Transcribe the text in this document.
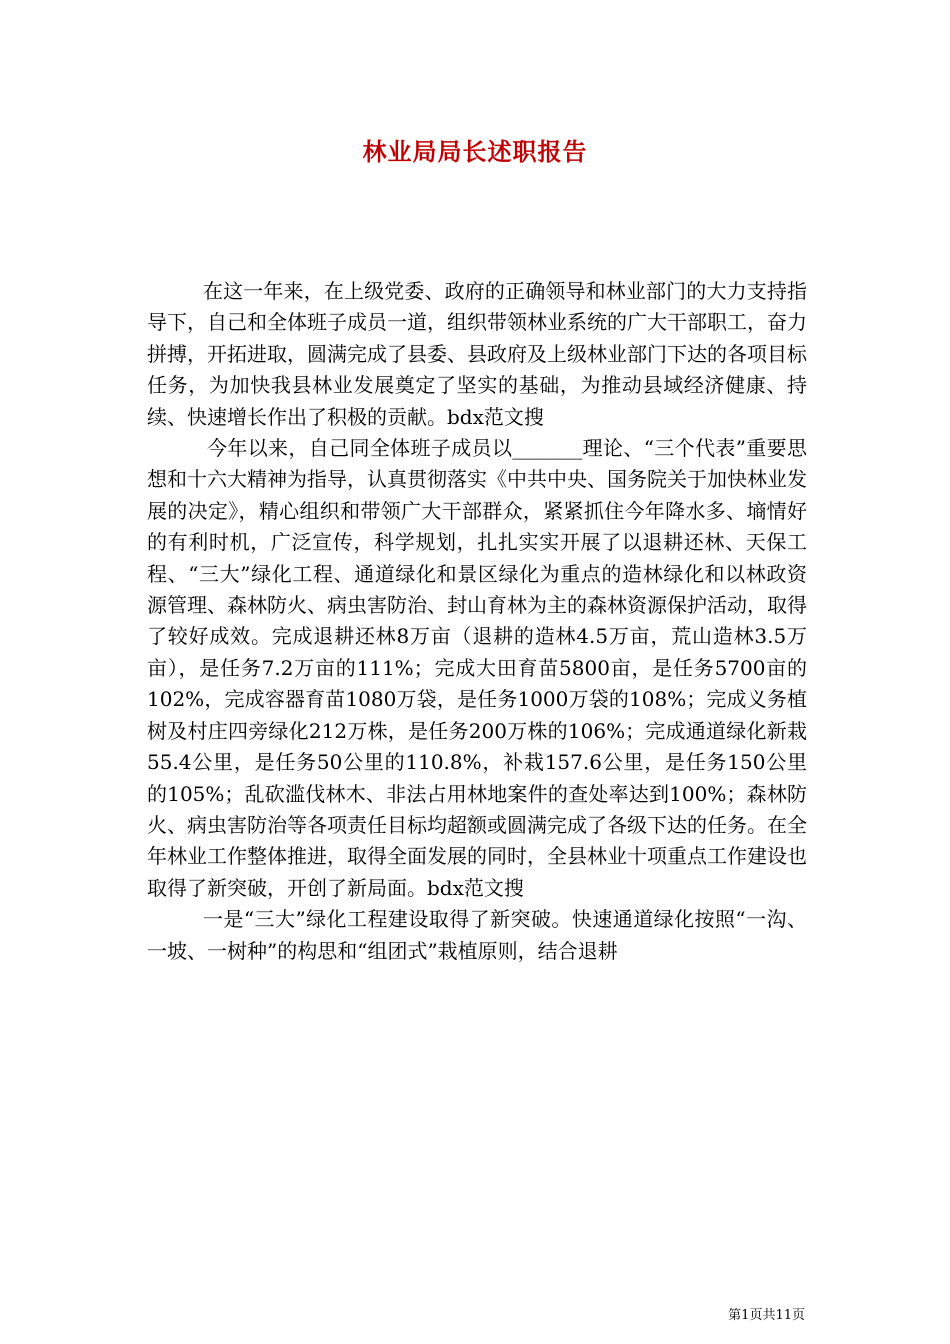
林业局局长述职报告

在这一年来，在上级党委、政府的正确领导和林业部门的大力支持指导下，自己和全体班子成员一道，组织带领林业系统的广大干部职工，奋力拼搏，开拓进取，圆满完成了县委、县政府及上级林业部门下达的各项目标任务，为加快我县林业发展奠定了坚实的基础，为推动县域经济健康、持续、快速增长作出了积极的贡献。bdx范文搜

今年以来，自己同全体班子成员以_______理论、“三个代表”重要思想和十六大精神为指导，认真贯彻落实《中共中央、国务院关于加快林业发展的决定》，精心组织和带领广大干部群众，紧紧抓住今年降水多、墒情好的有利时机，广泛宣传，科学规划，扎扎实实开展了以退耕还林、天保工程、“三大”绿化工程、通道绿化和景区绿化为重点的造林绿化和以林政资源管理、森林防火、病虫害防治、封山育林为主的森林资源保护活动，取得了较好成效。完成退耕还林8万亩（退耕的造林4.5万亩，荒山造林3.5万亩），是任务7.2万亩的111%；完成大田育苗5800亩，是任务5700亩的102%，完成容器育苗1080万袋，是任务1000万袋的108%；完成义务植树及村庄四旁绿化212万株，是任务200万株的106%；完成通道绿化新栽55.4公里，是任务50公里的110.8%，补栽157.6公里，是任务150公里的105%；乱砍滥伐林木、非法占用林地案件的查处率达到100%；森林防火、病虫害防治等各项责任目标均超额或圆满完成了各级下达的任务。在全年林业工作整体推进，取得全面发展的同时，全县林业十项重点工作建设也取得了新突破，开创了新局面。bdx范文搜

一是“三大”绿化工程建设取得了新突破。快速通道绿化按照“一沟、一坡、一树种”的构思和“组团式”栽植原则，结合退耕

第1页共11页
